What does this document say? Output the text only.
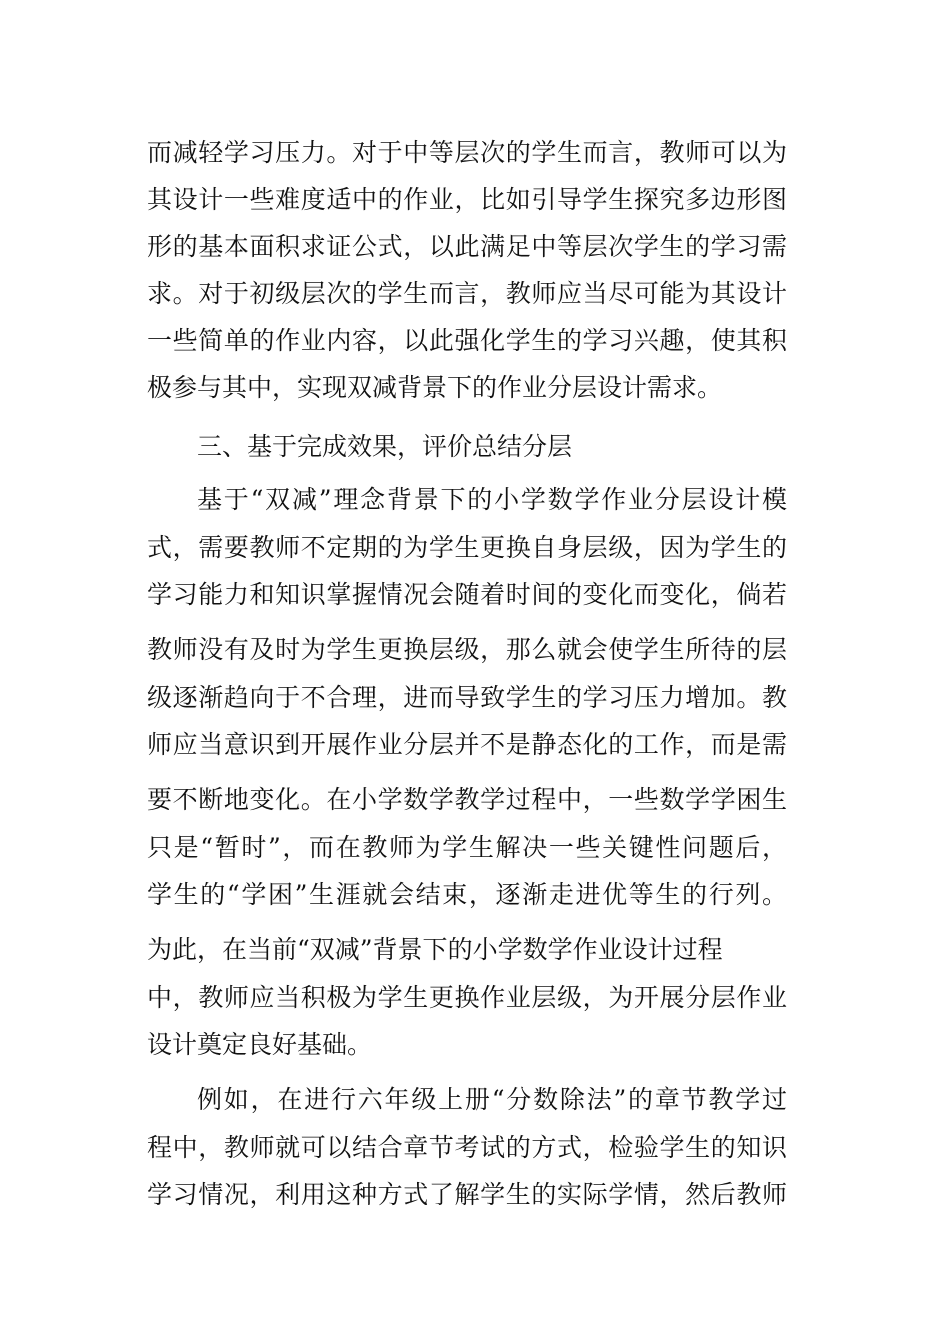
而减轻学习压力。对于中等层次的学生而言，教师可以为

其设计一些难度适中的作业，比如引导学生探究多边形图

形的基本面积求证公式，以此满足中等层次学生的学习需

求。对于初级层次的学生而言，教师应当尽可能为其设计

一些简单的作业内容，以此强化学生的学习兴趣，使其积

极参与其中，实现双减背景下的作业分层设计需求。

三、基于完成效果，评价总结分层

基于“双减”理念背景下的小学数学作业分层设计模

式，需要教师不定期的为学生更换自身层级，因为学生的

学习能力和知识掌握情况会随着时间的变化而变化，倘若

教师没有及时为学生更换层级，那么就会使学生所待的层

级逐渐趋向于不合理，进而导致学生的学习压力增加。教

师应当意识到开展作业分层并不是静态化的工作，而是需

要不断地变化。在小学数学教学过程中，一些数学学困生

只是“暂时”，而在教师为学生解决一些关键性问题后，

学生的“学困”生涯就会结束，逐渐走进优等生的行列。

为此，在当前“双减”背景下的小学数学作业设计过程

中，教师应当积极为学生更换作业层级，为开展分层作业

设计奠定良好基础。

例如，在进行六年级上册“分数除法”的章节教学过

程中，教师就可以结合章节考试的方式，检验学生的知识

学习情况，利用这种方式了解学生的实际学情，然后教师
